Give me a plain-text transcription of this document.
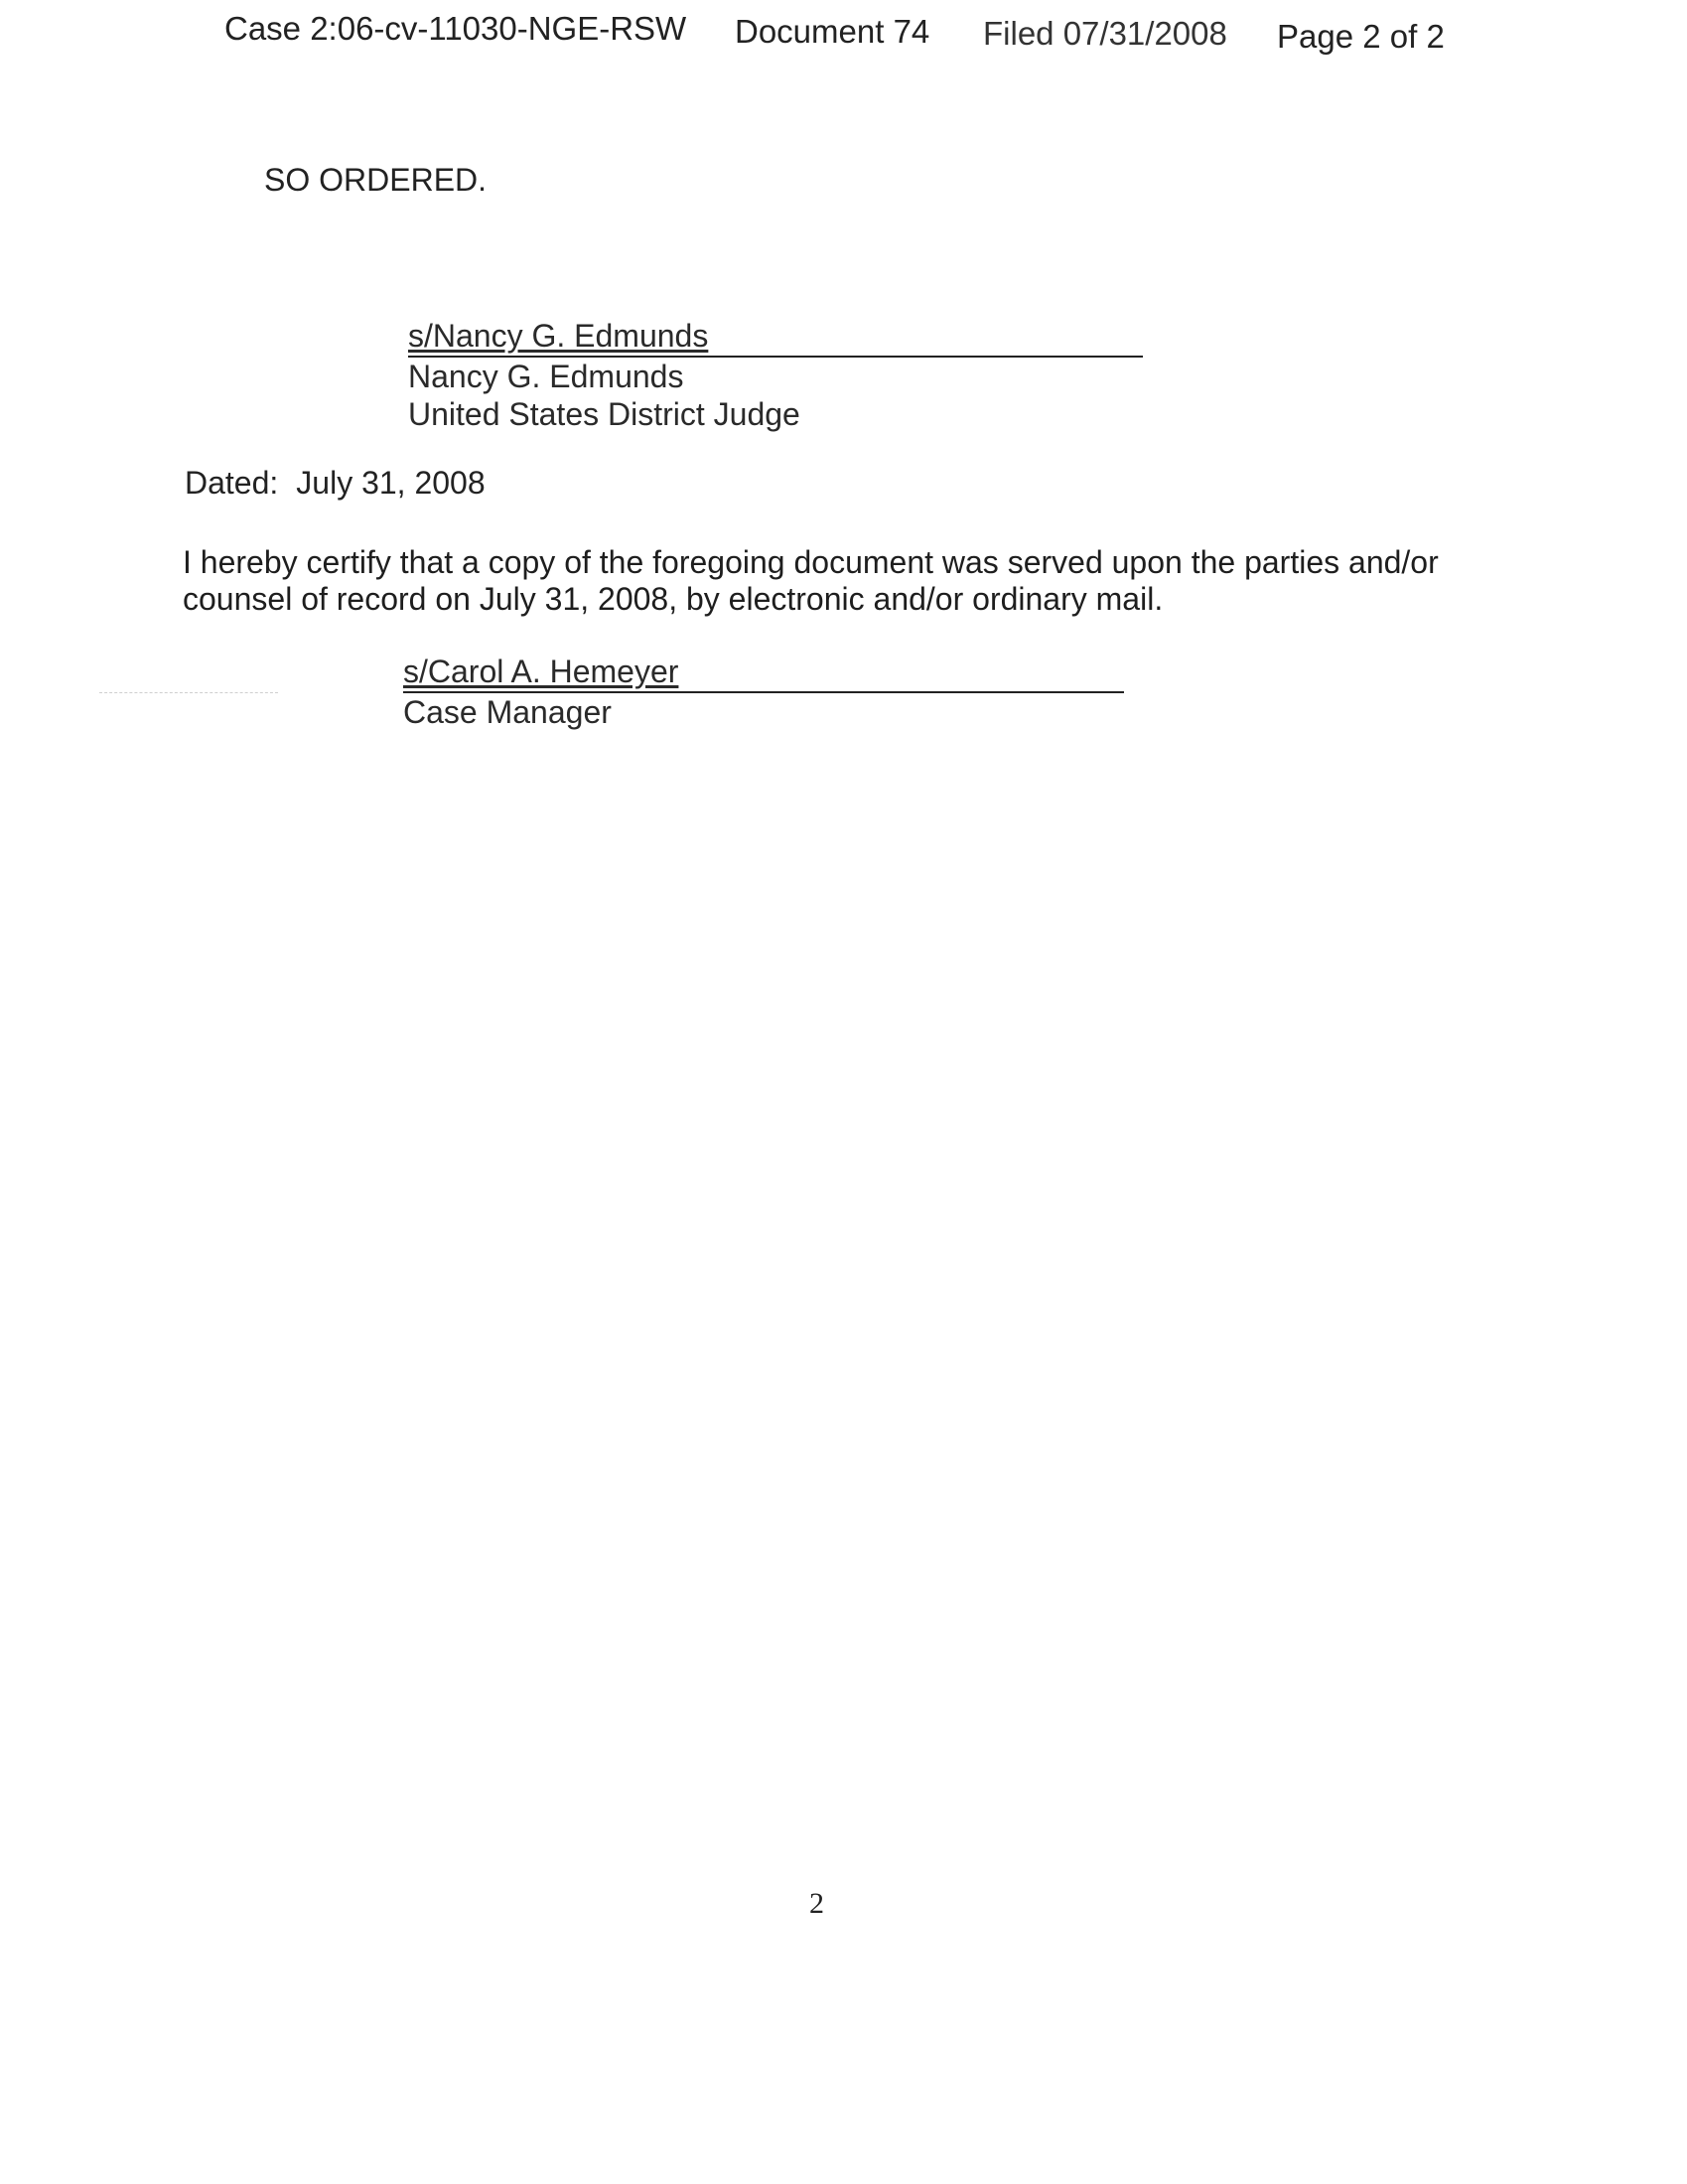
Case 2:06-cv-11030-NGE-RSW Document 74 Filed 07/31/2008 Page 2 of 2
SO ORDERED.
s/Nancy G. Edmunds
Nancy G. Edmunds
United States District Judge
Dated: July 31, 2008
I hereby certify that a copy of the foregoing document was served upon the parties and/or counsel of record on July 31, 2008, by electronic and/or ordinary mail.
s/Carol A. Hemeyer
Case Manager
2
